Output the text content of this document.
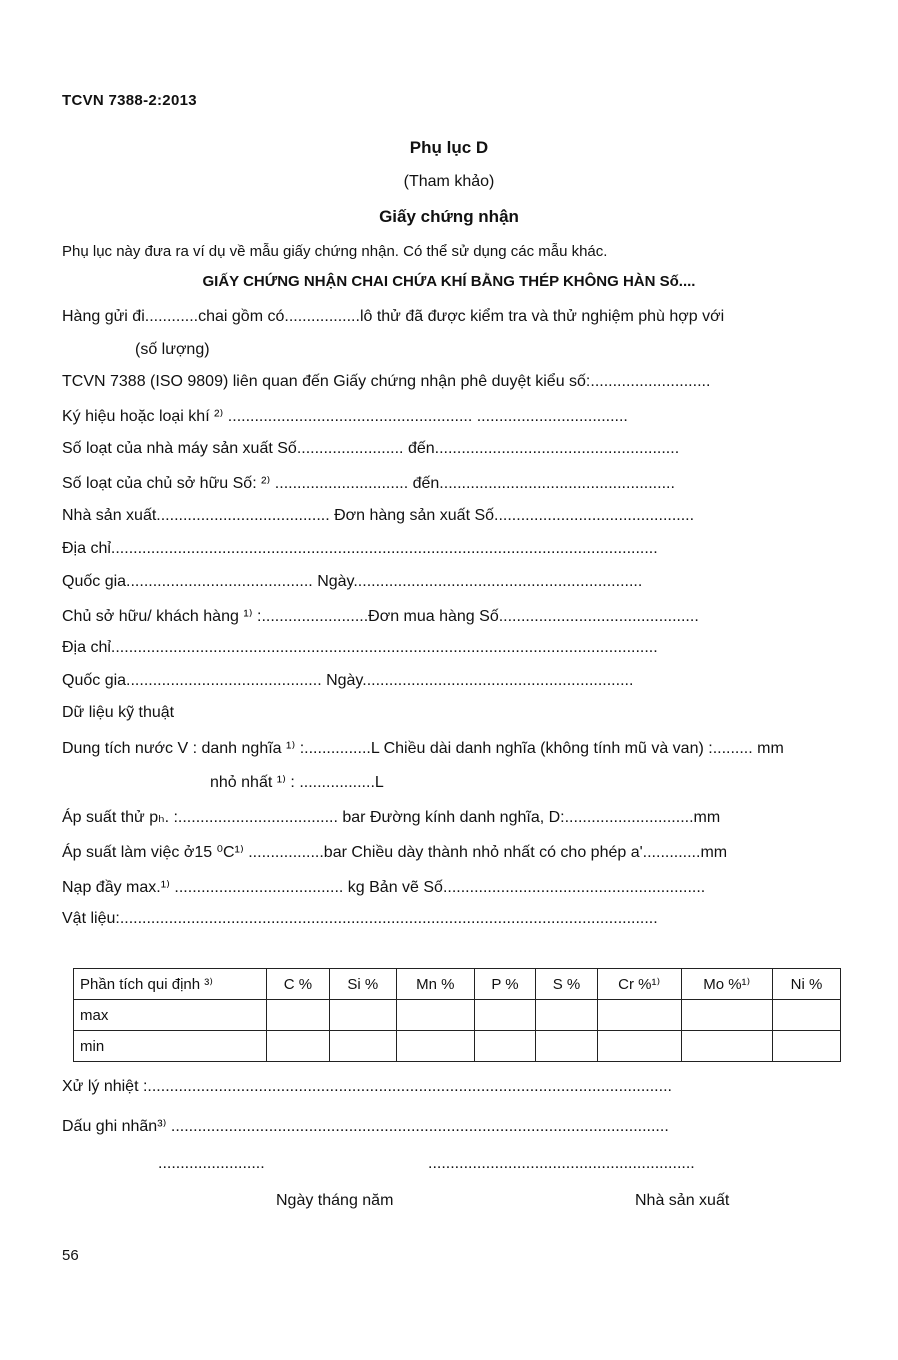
TCVN 7388-2:2013
Phụ lục D
(Tham khảo)
Giấy chứng nhận
Phụ lục này đưa ra ví dụ về mẫu giấy chứng nhận. Có thể sử dụng các mẫu khác.
GIẤY CHỨNG NHẬN CHAI CHỨA KHÍ BẰNG THÉP KHÔNG HÀN Số....
Hàng gửi đi............chai gồm có.................lô thử đã được kiểm tra và thử nghiệm phù hợp với
(số lượng)
TCVN 7388 (ISO 9809) liên quan đến Giấy chứng nhận phê duyệt kiểu số:...........................
Ký hiệu hoặc loại khí ²⁾ ....................................................... ..................................
Số loạt của nhà máy sản xuất Số........................ đến.......................................................
Số loạt của chủ sở hữu Số: ²⁾ .............................. đến.....................................................
Nhà sản xuất....................................... Đơn hàng sản xuất Số.............................................
Địa chỉ...........................................................................................................................
Quốc gia.......................................... Ngày.................................................................
Chủ sở hữu/ khách hàng ¹⁾ :........................Đơn mua hàng Số.............................................
Địa chỉ...........................................................................................................................
Quốc gia............................................ Ngày.............................................................
Dữ liệu kỹ thuật
Dung tích nước V : danh nghĩa ¹⁾ :...............L Chiều dài danh nghĩa (không tính mũ và van) :......... mm
nhỏ nhất ¹⁾ : .................L
Áp suất thử pₕ. :.................................... bar Đường kính danh nghĩa, D:.............................mm
Áp suất làm việc ở15 ⁰C¹⁾ .................bar Chiều dày thành nhỏ nhất có cho phép a'.............mm
Nạp đầy max.¹⁾ ...................................... kg Bản vẽ Số...........................................................
Vật liệu:.........................................................................................................................
Phần tích qui định ³⁾	C %	Si %	Mn %	P %	S %	Cr %¹⁾	Mo %¹⁾	Ni %
max								
min								
Xử lý nhiệt :......................................................................................................................
Dấu ghi nhãn³⁾ ................................................................................................................
........................	............................................................
Ngày tháng năm	Nhà sản xuất
56
